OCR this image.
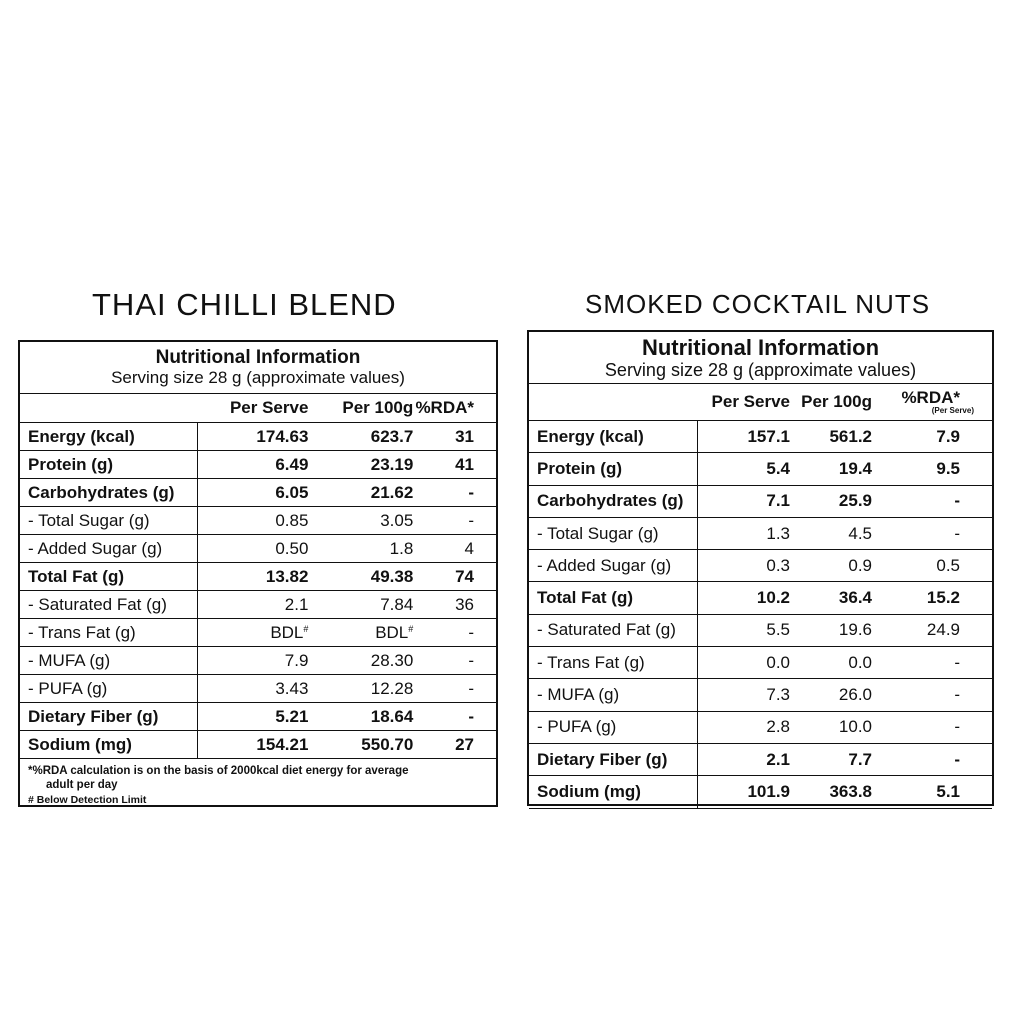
THAI CHILLI BLEND
Nutritional Information
Serving size 28 g (approximate values)
	Per Serve	Per 100g	%RDA*
Energy (kcal)	174.63	623.7	31
Protein (g)	6.49	23.19	41
Carbohydrates (g)	6.05	21.62	-
- Total Sugar (g)	0.85	3.05	-
- Added Sugar (g)	0.50	1.8	4
Total Fat (g)	13.82	49.38	74
- Saturated Fat (g)	2.1	7.84	36
- Trans Fat (g)	BDL#	BDL#	-
- MUFA (g)	7.9	28.30	-
- PUFA (g)	3.43	12.28	-
Dietary Fiber (g)	5.21	18.64	-
Sodium (mg)	154.21	550.70	27
*%RDA calculation is on the basis of 2000kcal diet energy for average
adult per day
# Below Detection Limit
SMOKED COCKTAIL NUTS
Nutritional Information
Serving size 28 g (approximate values)
	Per Serve	Per 100g	%RDA*
(Per Serve)

Energy (kcal)	157.1	561.2	7.9
Protein (g)	5.4	19.4	9.5
Carbohydrates (g)	7.1	25.9	-
- Total Sugar (g)	1.3	4.5	-
- Added Sugar (g)	0.3	0.9	0.5
Total Fat (g)	10.2	36.4	15.2
- Saturated Fat (g)	5.5	19.6	24.9
- Trans Fat (g)	0.0	0.0	-
- MUFA (g)	7.3	26.0	-
- PUFA (g)	2.8	10.0	-
Dietary Fiber (g)	2.1	7.7	-
Sodium (mg)	101.9	363.8	5.1
